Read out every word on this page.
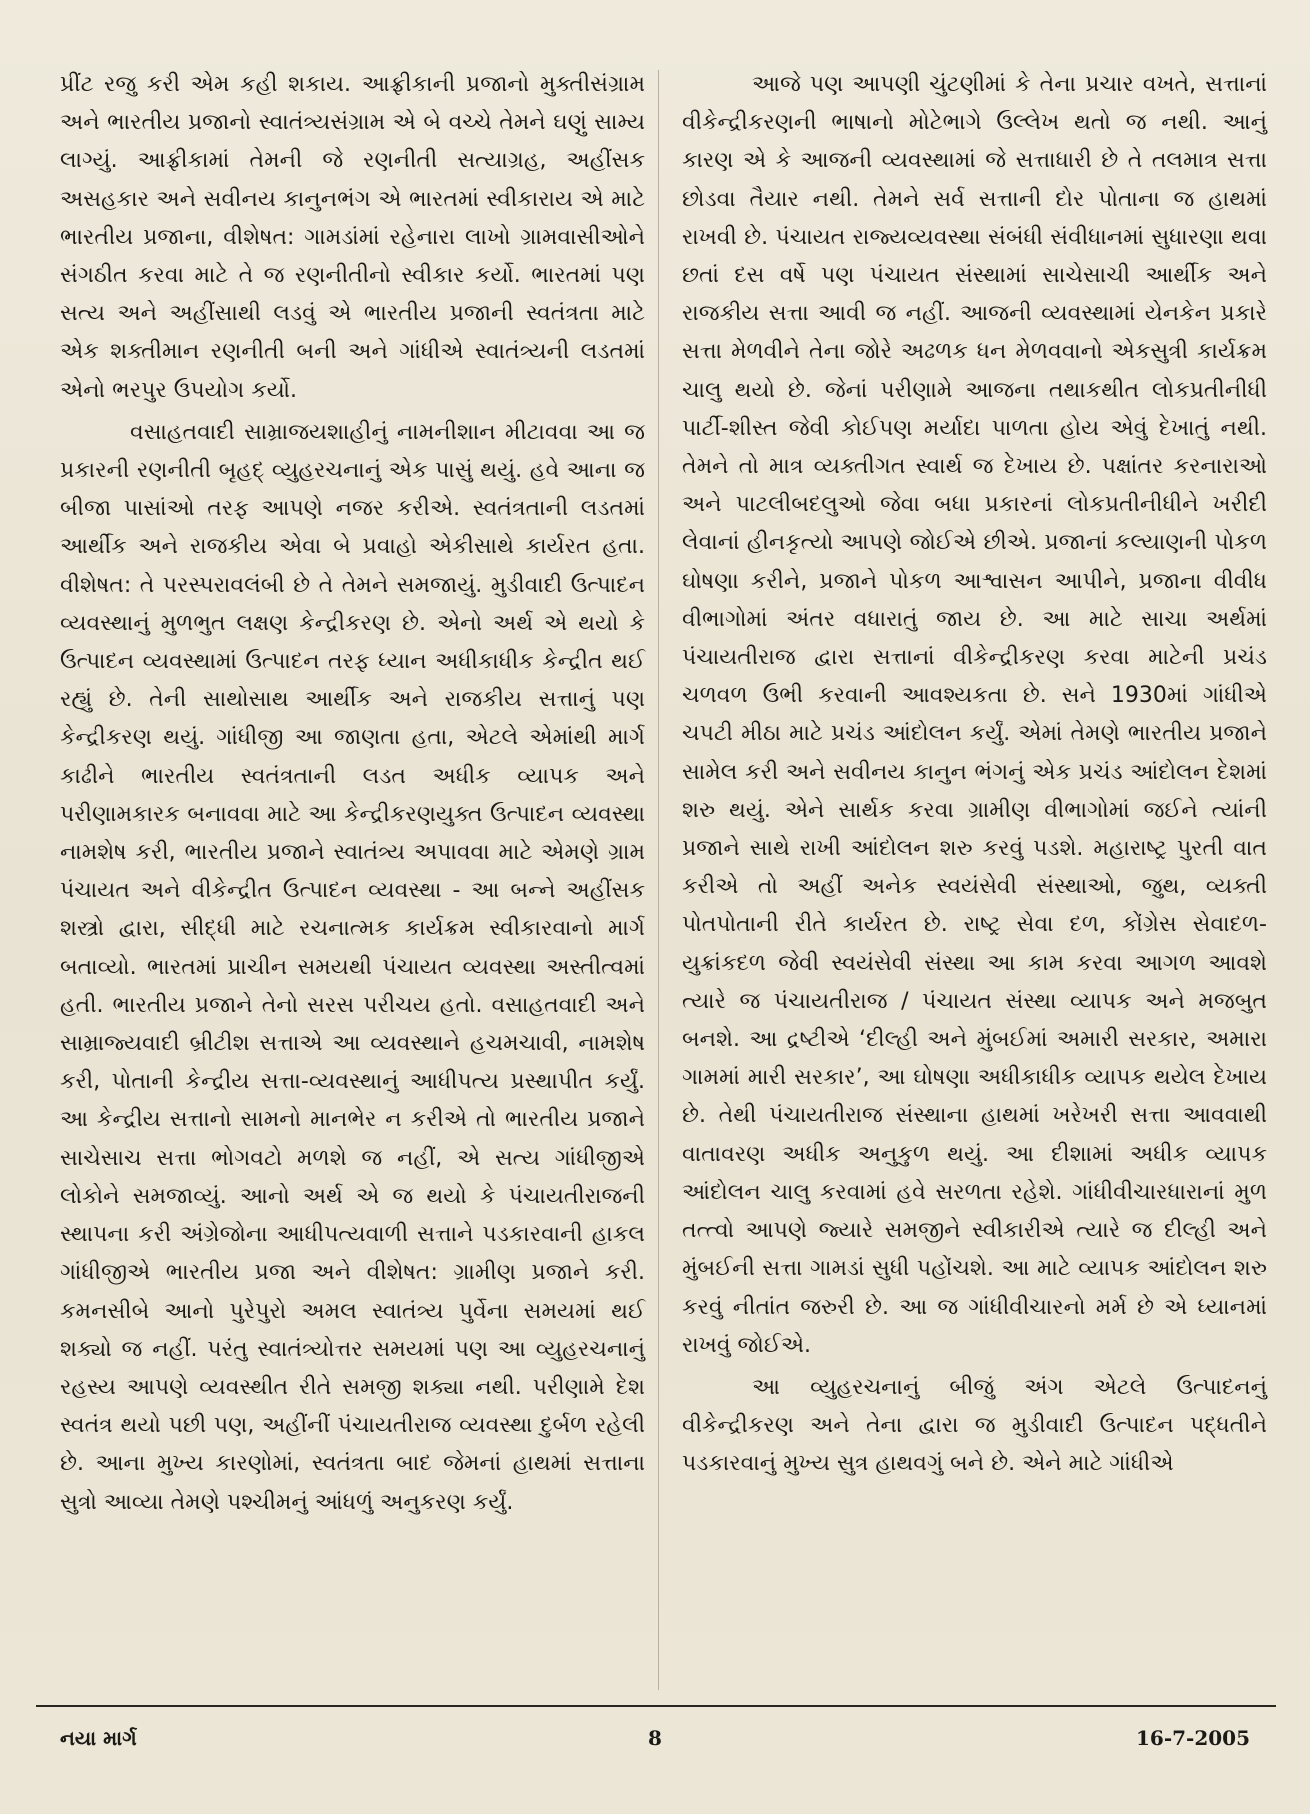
પ્રીંટ રજુ કરી એમ કહી શકાય. આફ્રીકાની પ્રજાનો મુક્તીસંગ્રામ અને ભારતીય પ્રજાનો સ્વાતંત્ર્યસંગ્રામ એ બે વચ્ચે તેમને ઘણું સામ્ય લાગ્યું. આફ્રીકામાં તેમની જે રણનીતી સત્યાગ્રહ, અહીંસક અસહકાર અને સવીનય કાનુનભંગ એ ભારતમાં સ્વીકારાય એ માટે ભારતીય પ્રજાના, વીશેષત: ગામડાંમાં રહેનારા લાખો ગ્રામવાસીઓને સંગઠીત કરવા માટે તે જ રણનીતીનો સ્વીકાર કર્યો. ભારતમાં પણ સત્ય અને અહીંસાથી લડવું એ ભારતીય પ્રજાની સ્વતંત્રતા માટે એક શક્તીમાન રણનીતી બની અને ગાંધીએ સ્વાતંત્ર્યની લડતમાં એનો ભરપુર ઉપયોગ કર્યો.

વસાહતવાદી સામ્રાજયશાહીનું નામનીશાન મીટાવવા આ જ પ્રકારની રણનીતી બૃહદ્ વ્યુહરચનાનું એક પાસું થયું. હવે આના જ બીજા પાસાંઓ તરફ આપણે નજર કરીએ. સ્વતંત્રતાની લડતમાં આર્થીક અને રાજકીય એવા બે પ્રવાહો એકીસાથે કાર્યરત હતા. વીશેષત: તે પરસ્પરાવલંબી છે તે તેમને સમજાયું. મુડીવાદી ઉત્પાદન વ્યવસ્થાનું મુળભુત લક્ષણ કેન્દ્રીકરણ છે. એનો અર્થ એ થયો કે ઉત્પાદન વ્યવસ્થામાં ઉત્પાદન તરફ ધ્યાન અધીકાધીક કેન્દ્રીત થઈ રહ્યું છે. તેની સાથોસાથ આર્થીક અને રાજકીય સત્તાનું પણ કેન્દ્રીકરણ થયું. ગાંધીજી આ જાણતા હતા, એટલે એમાંથી માર્ગ કાઢીને ભારતીય સ્વતંત્રતાની લડત અધીક વ્યાપક અને પરીણામકારક બનાવવા માટે આ કેન્દ્રીકરણયુક્ત ઉત્પાદન વ્યવસ્થા નામશેષ કરી, ભારતીય પ્રજાને સ્વાતંત્ર્ય અપાવવા માટે એમણે ગ્રામ પંચાયત અને વીકેન્દ્રીત ઉત્પાદન વ્યવસ્થા - આ બન્ને અહીંસક શસ્ત્રો દ્વારા, સીદ્ધી માટે રચનાત્મક કાર્યક્રમ સ્વીકારવાનો માર્ગ બતાવ્યો. ભારતમાં પ્રાચીન સમયથી પંચાયત વ્યવસ્થા અસ્તીત્વમાં હતી. ભારતીય પ્રજાને તેનો સરસ પરીચય હતો. વસાહતવાદી અને સામ્રાજ્યવાદી બ્રીટીશ સત્તાએ આ વ્યવસ્થાને હચમચાવી, નામશેષ કરી, પોતાની કેન્દ્રીય સત્તા-વ્યવસ્થાનું આધીપત્ય પ્રસ્થાપીત કર્યું. આ કેન્દ્રીય સત્તાનો સામનો માનભેર ન કરીએ તો ભારતીય પ્રજાને સાચેસાચ સત્તા ભોગવટો મળશે જ નહીં, એ સત્ય ગાંધીજીએ લોકોને સમજાવ્યું. આનો અર્થ એ જ થયો કે પંચાયતીરાજની સ્થાપના કરી અંગ્રેજોના આધીપત્યવાળી સત્તાને પડકારવાની હાકલ ગાંધીજીએ ભારતીય પ્રજા અને વીશેષત: ગ્રામીણ પ્રજાને કરી. કમનસીબે આનો પુરેપુરો અમલ સ્વાતંત્ર્ય પુર્વેના સમયમાં થઈ શક્યો જ નહીં. પરંતુ સ્વાતંત્ર્યોત્તર સમયમાં પણ આ વ્યુહરચનાનું રહસ્ય આપણે વ્યવસ્થીત રીતે સમજી શક્યા નથી. પરીણામે દેશ સ્વતંત્ર થયો પછી પણ, અહીંનીં પંચાયતીરાજ વ્યવસ્થા દુર્બળ રહેલી છે. આના મુખ્ય કારણોમાં, સ્વતંત્રતા બાદ જેમનાં હાથમાં સત્તાના સુત્રો આવ્યા તેમણે પશ્ચીમનું આંધળું અનુકરણ કર્યું.

આજે પણ આપણી ચુંટણીમાં કે તેના પ્રચાર વખતે, સત્તાનાં વીકેન્દ્રીકરણની ભાષાનો મોટેભાગે ઉલ્લેખ થતો જ નથી. આનું કારણ એ કે આજની વ્યવસ્થામાં જે સત્તાધારી છે તે તલમાત્ર સત્તા છોડવા તૈયાર નથી. તેમને સર્વ સત્તાની દોર પોતાના જ હાથમાં રાખવી છે. પંચાયત રાજ્યવ્યવસ્થા સંબંધી સંવીધાનમાં સુધારણા થવા છતાં દસ વર્ષે પણ પંચાયત સંસ્થામાં સાચેસાચી આર્થીક અને રાજકીય સત્તા આવી જ નહીં. આજની વ્યવસ્થામાં યેનકેન પ્રકારે સત્તા મેળવીને તેના જોરે અઢળક ધન મેળવવાનો એકસુત્રી કાર્યક્રમ ચાલુ થયો છે. જેનાં પરીણામે આજના તથાકથીત લોકપ્રતીનીધી પાર્ટી-શીસ્ત જેવી કોઈપણ મર્યાદા પાળતા હોય એવું દેખાતું નથી. તેમને તો માત્ર વ્યક્તીગત સ્વાર્થ જ દેખાય છે. પક્ષાંતર કરનારાઓ અને પાટલીબદલુઓ જેવા બધા પ્રકારનાં લોકપ્રતીનીધીને ખરીદી લેવાનાં હીનકૃત્યો આપણે જોઈએ છીએ. પ્રજાનાં કલ્યાણની પોકળ ઘોષણા કરીને, પ્રજાને પોકળ આશ્વાસન આપીને, પ્રજાના વીવીધ વીભાગોમાં અંતર વધારાતું જાય છે. આ માટે સાચા અર્થમાં પંચાયતીરાજ દ્વારા સત્તાનાં વીકેન્દ્રીકરણ કરવા માટેની પ્રચંડ ચળવળ ઉભી કરવાની આવશ્યકતા છે. સને 1930માં ગાંધીએ ચપટી મીઠા માટે પ્રચંડ આંદોલન કર્યું. એમાં તેમણે ભારતીય પ્રજાને સામેલ કરી અને સવીનય કાનુન ભંગનું એક પ્રચંડ આંદોલન દેશમાં શરુ થયું. એને સાર્થક કરવા ગ્રામીણ વીભાગોમાં જઈને ત્યાંની પ્રજાને સાથે રાખી આંદોલન શરુ કરવું પડશે. મહારાષ્ટ્ર પુરતી વાત કરીએ તો અહીં અનેક સ્વયંસેવી સંસ્થાઓ, જુથ, વ્યક્તી પોતપોતાની રીતે કાર્યરત છે. રાષ્ટ્ર સેવા દળ, કોંગ્રેસ સેવાદળ-યુક્રાંકદળ જેવી સ્વયંસેવી સંસ્થા આ કામ કરવા આગળ આવશે ત્યારે જ પંચાયતીરાજ / પંચાયત સંસ્થા વ્યાપક અને મજબુત બનશે. આ દ્રષ્ટીએ ‘દીલ્હી અને મુંબઈમાં અમારી સરકાર, અમારા ગામમાં મારી સરકાર’, આ ઘોષણા અધીકાધીક વ્યાપક થયેલ દેખાય છે. તેથી પંચાયતીરાજ સંસ્થાના હાથમાં ખરેખરી સત્તા આવવાથી વાતાવરણ અધીક અનુકુળ થયું. આ દીશામાં અધીક વ્યાપક આંદોલન ચાલુ કરવામાં હવે સરળતા રહેશે. ગાંધીવીચારધારાનાં મુળ તત્ત્વો આપણે જ્યારે સમજીને સ્વીકારીએ ત્યારે જ દીલ્હી અને મુંબઈની સત્તા ગામડાં સુધી પહોંચશે. આ માટે વ્યાપક આંદોલન શરુ કરવું નીતાંત જરુરી છે. આ જ ગાંધીવીચારનો મર્મ છે એ ધ્યાનમાં રાખવું જોઈએ.

આ વ્યુહરચનાનું બીજું અંગ એટલે ઉત્પાદનનું વીકેન્દ્રીકરણ અને તેના દ્વારા જ મુડીવાદી ઉત્પાદન પદ્ધતીને પડકારવાનું મુખ્ય સુત્ર હાથવગું બને છે. એને માટે ગાંધીએ

નયા માર્ગ	8	16-7-2005
